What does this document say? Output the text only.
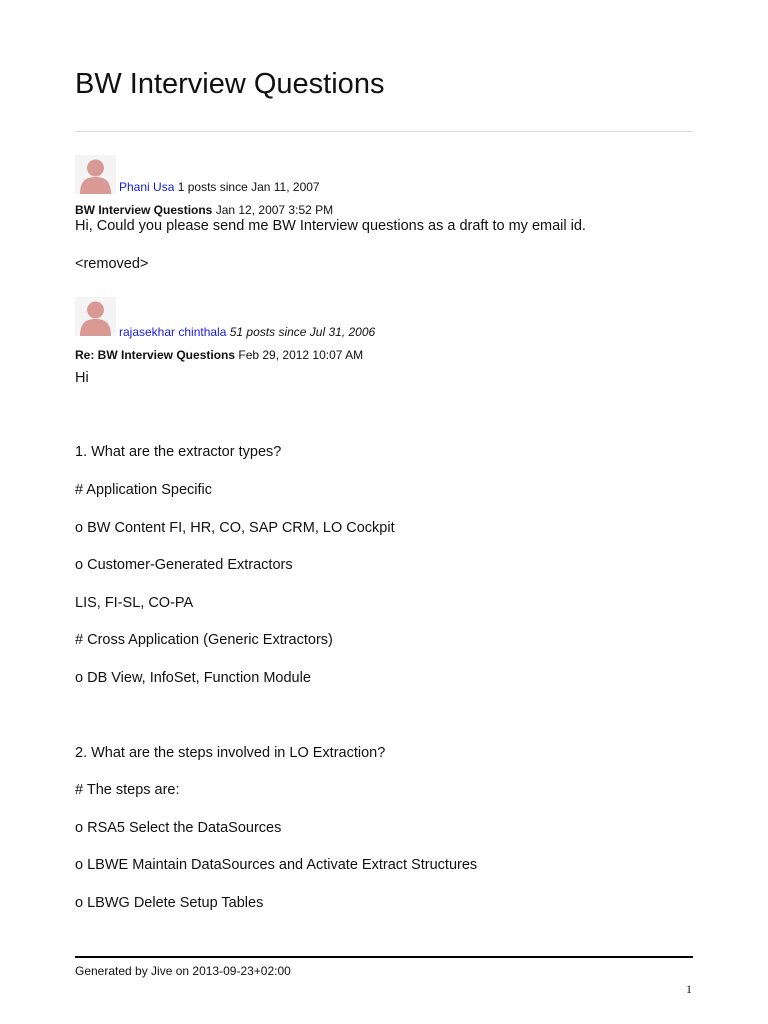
BW Interview Questions
Phani Usa 1 posts since Jan 11, 2007
BW Interview Questions Jan 12, 2007 3:52 PM
Hi, Could you please send me BW Interview questions as a draft to my email id.
<removed>
rajasekhar chinthala 51 posts since Jul 31, 2006
Re: BW Interview Questions Feb 29, 2012 10:07 AM
Hi
1. What are the extractor types?
# Application Specific
o BW Content FI, HR, CO, SAP CRM, LO Cockpit
o Customer-Generated Extractors
LIS, FI-SL, CO-PA
# Cross Application (Generic Extractors)
o DB View, InfoSet, Function Module
2. What are the steps involved in LO Extraction?
# The steps are:
o RSA5 Select the DataSources
o LBWE Maintain DataSources and Activate Extract Structures
o LBWG Delete Setup Tables
Generated by Jive on 2013-09-23+02:00
1
